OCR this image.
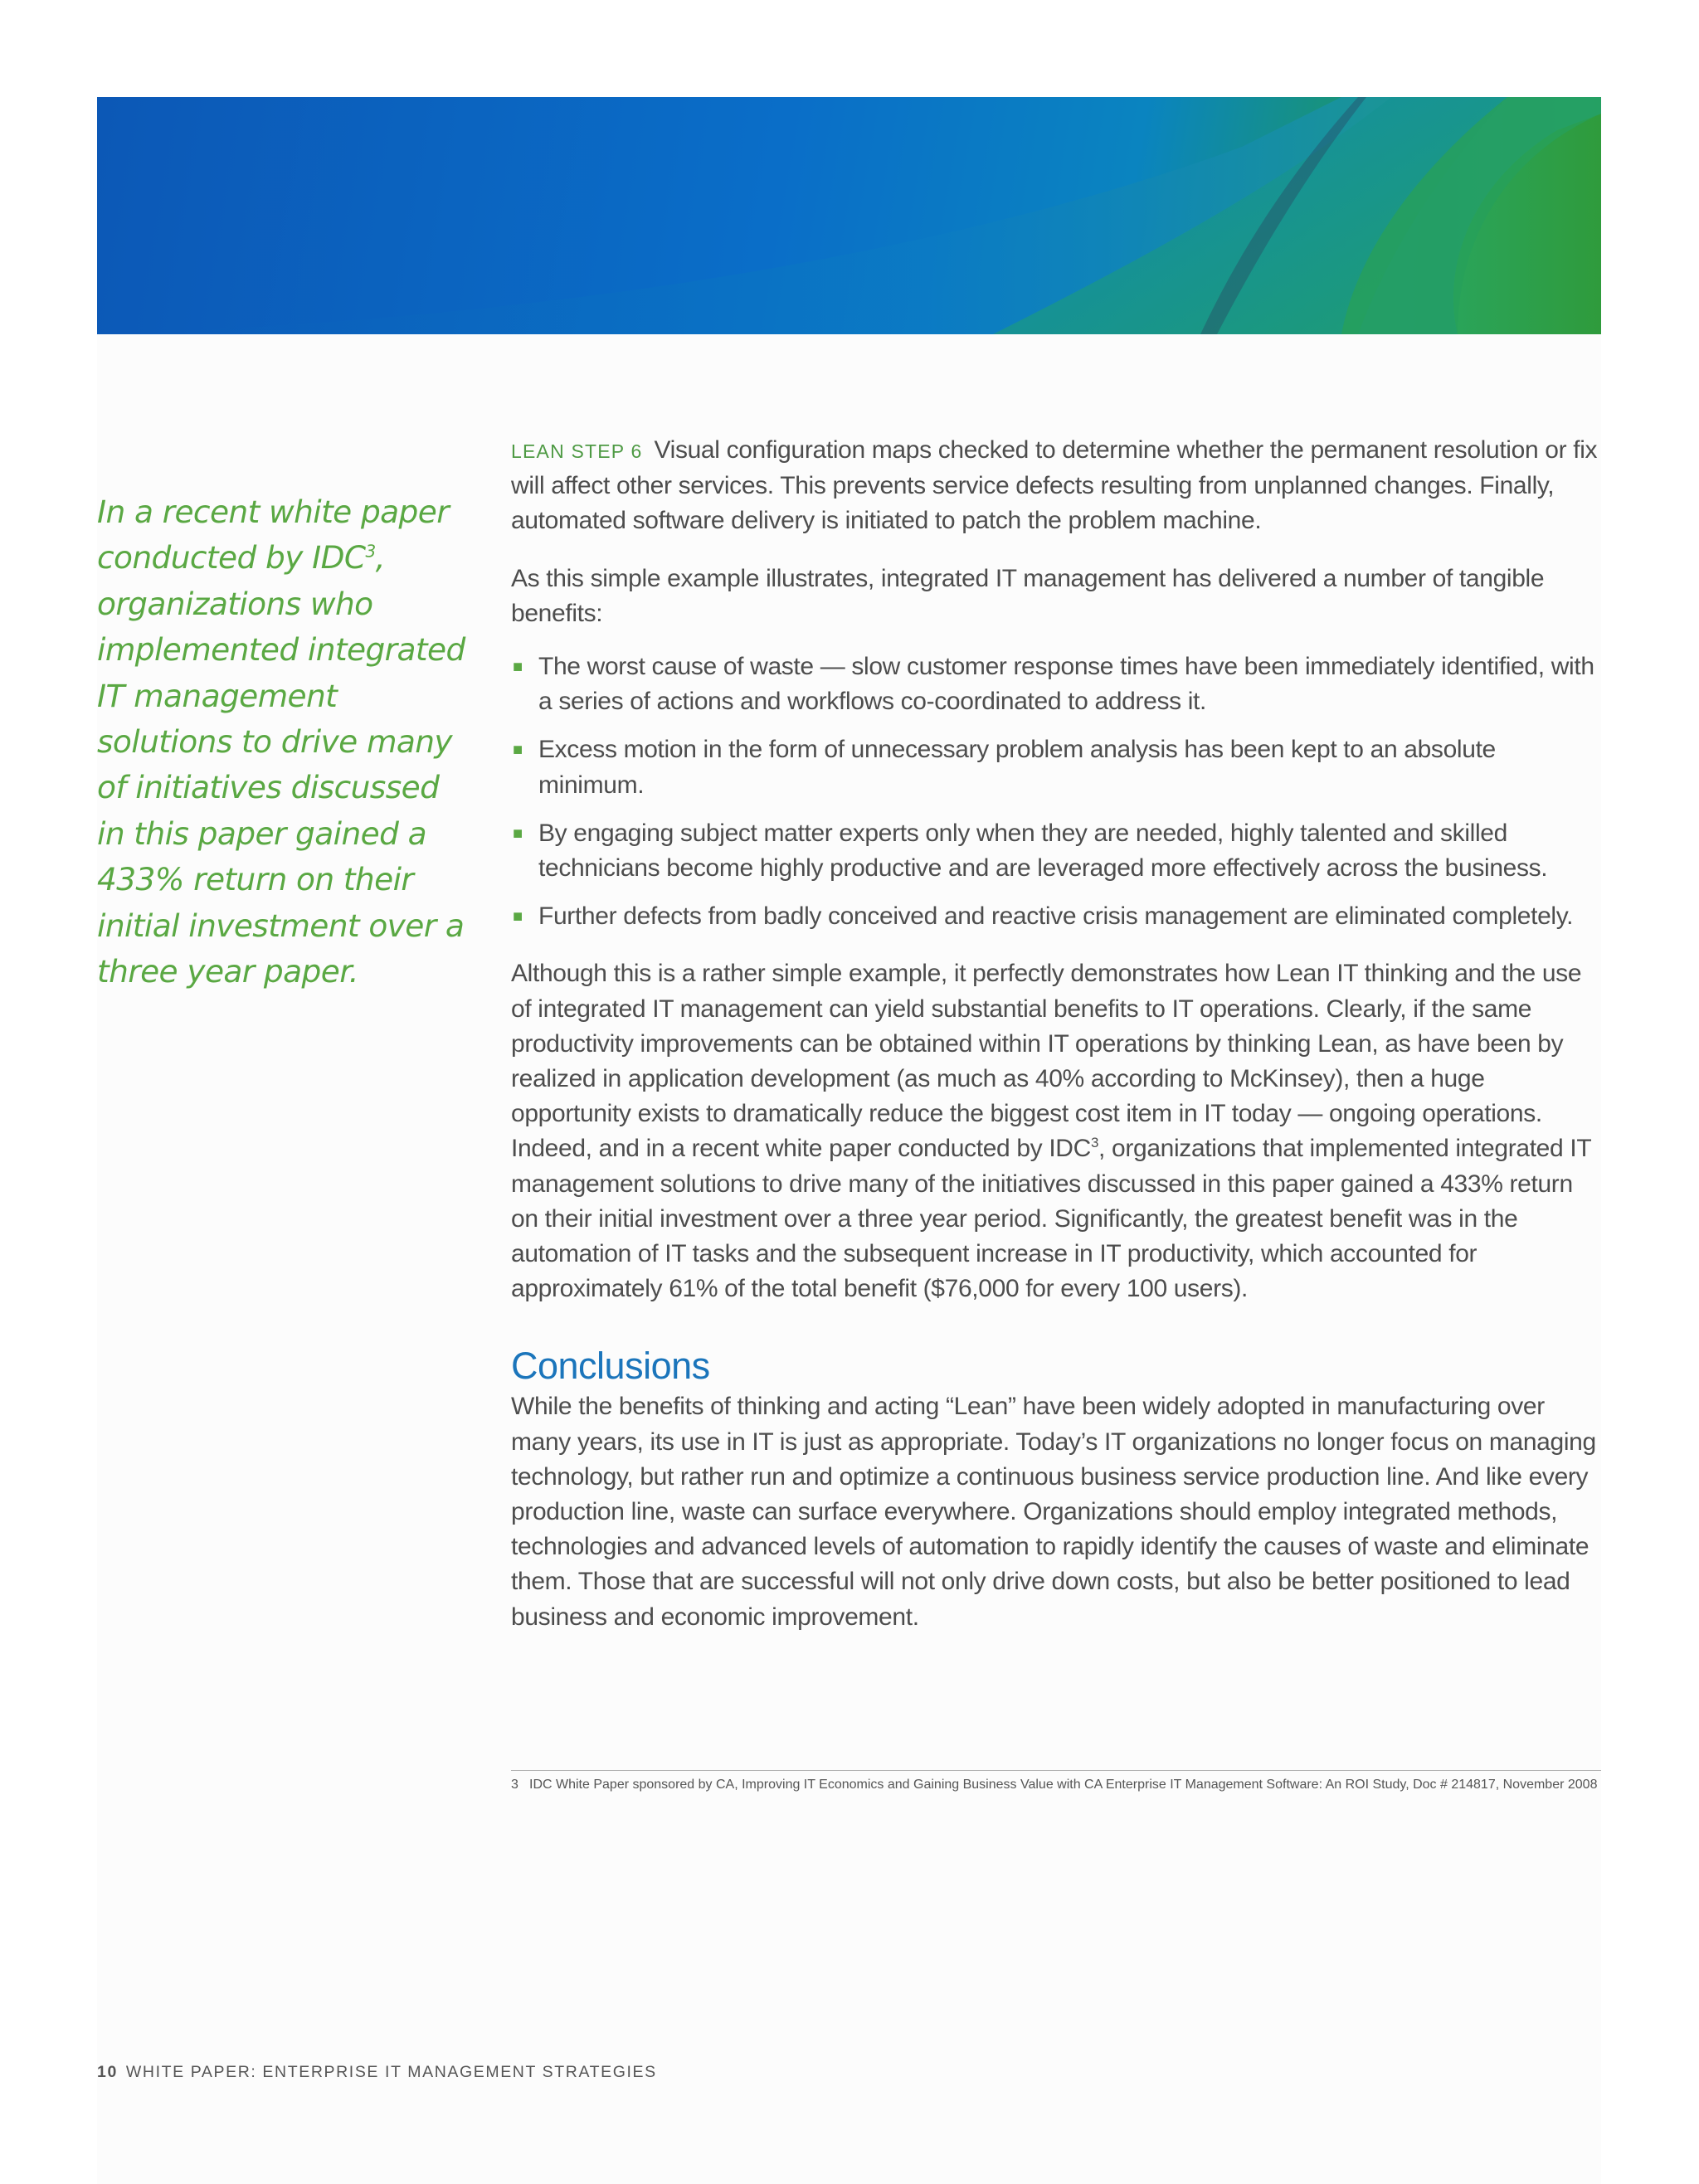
In a recent white paper conducted by IDC$^3$, organizations who implemented integrated IT management solutions to drive many of initiatives discussed in this paper gained a 433% return on their initial investment over a three year paper.

LEAN STEP 6 Visual configuration maps checked to determine whether the permanent resolution or fix will affect other services. This prevents service defects resulting from unplanned changes. Finally, automated software delivery is initiated to patch the problem machine.

As this simple example illustrates, integrated IT management has delivered a number of tangible benefits:

■ The worst cause of waste — slow customer response times have been immediately identified, with a series of actions and workflows co-coordinated to address it.
■ Excess motion in the form of unnecessary problem analysis has been kept to an absolute minimum.
■ By engaging subject matter experts only when they are needed, highly talented and skilled technicians become highly productive and are leveraged more effectively across the business.
■ Further defects from badly conceived and reactive crisis management are eliminated completely.

Although this is a rather simple example, it perfectly demonstrates how Lean IT thinking and the use of integrated IT management can yield substantial benefits to IT operations. Clearly, if the same productivity improvements can be obtained within IT operations by thinking Lean, as have been by realized in application development (as much as 40% according to McKinsey), then a huge opportunity exists to dramatically reduce the biggest cost item in IT today — ongoing operations. Indeed, and in a recent white paper conducted by IDC$^3$, organizations that implemented integrated IT management solutions to drive many of the initiatives discussed in this paper gained a 433% return on their initial investment over a three year period. Significantly, the greatest benefit was in the automation of IT tasks and the subsequent increase in IT productivity, which accounted for approximately 61% of the total benefit ($76,000 for every 100 users).

Conclusions

While the benefits of thinking and acting “Lean” have been widely adopted in manufacturing over many years, its use in IT is just as appropriate. Today’s IT organizations no longer focus on managing technology, but rather run and optimize a continuous business service production line. And like every production line, waste can surface everywhere. Organizations should employ integrated methods, technologies and advanced levels of automation to rapidly identify the causes of waste and eliminate them. Those that are successful will not only drive down costs, but also be better positioned to lead business and economic improvement.

3 IDC White Paper sponsored by CA, Improving IT Economics and Gaining Business Value with CA Enterprise IT Management Software: An ROI Study, Doc # 214817, November 2008
10 WHITE PAPER: ENTERPRISE IT MANAGEMENT STRATEGIES
